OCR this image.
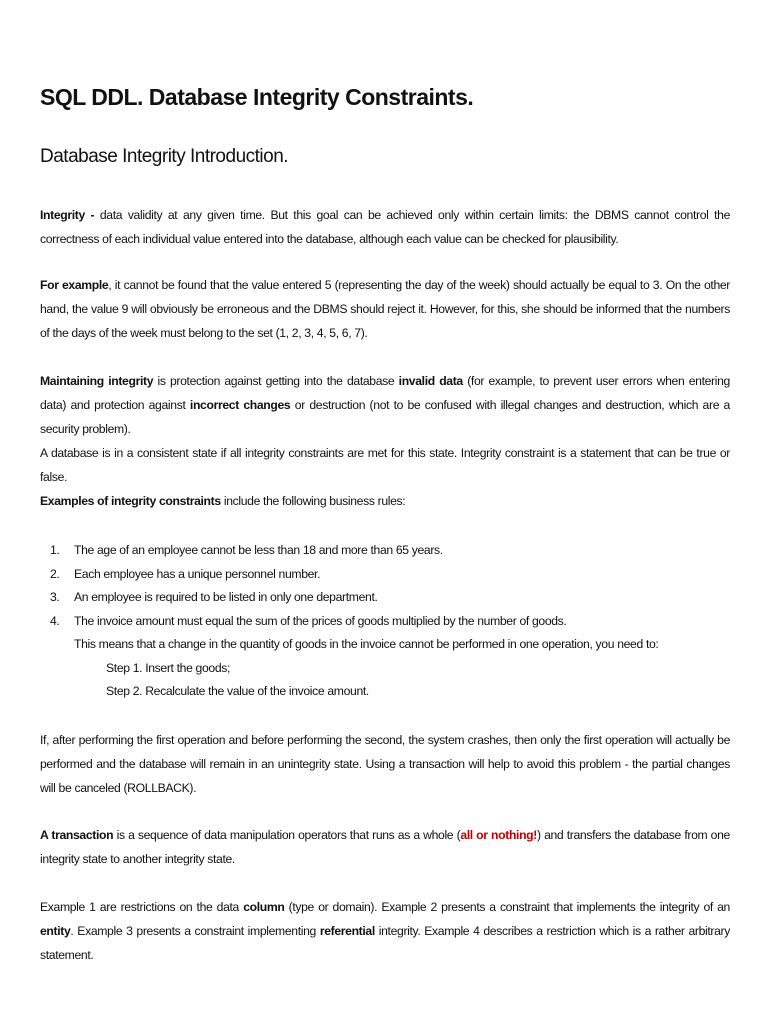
SQL DDL. Database Integrity Constraints.
Database Integrity Introduction.

Integrity - data validity at any given time. But this goal can be achieved only within certain limits: the DBMS cannot control the correctness of each individual value entered into the database, although each value can be checked for plausibility.

For example, it cannot be found that the value entered 5 (representing the day of the week) should actually be equal to 3. On the other hand, the value 9 will obviously be erroneous and the DBMS should reject it. However, for this, she should be informed that the numbers of the days of the week must belong to the set (1, 2, 3, 4, 5, 6, 7).

Maintaining integrity is protection against getting into the database invalid data (for example, to prevent user errors when entering data) and protection against incorrect changes or destruction (not to be confused with illegal changes and destruction, which are a security problem).

A database is in a consistent state if all integrity constraints are met for this state. Integrity constraint is a statement that can be true or false.

Examples of integrity constraints include the following business rules:

1.	The age of an employee cannot be less than 18 and more than 65 years.
2.	Each employee has a unique personnel number.
3.	An employee is required to be listed in only one department.
4.	The invoice amount must equal the sum of the prices of goods multiplied by the number of goods.
This means that a change in the quantity of goods in the invoice cannot be performed in one operation, you need to:
Step 1. Insert the goods;
Step 2. Recalculate the value of the invoice amount.

If, after performing the first operation and before performing the second, the system crashes, then only the first operation will actually be performed and the database will remain in an unintegrity state. Using a transaction will help to avoid this problem - the partial changes will be canceled (ROLLBACK).

A transaction is a sequence of data manipulation operators that runs as a whole (all or nothing!) and transfers the database from one integrity state to another integrity state.

Example 1 are restrictions on the data column (type or domain). Example 2 presents a constraint that implements the integrity of an entity. Example 3 presents a constraint implementing referential integrity. Example 4 describes a restriction which is a rather arbitrary statement.
